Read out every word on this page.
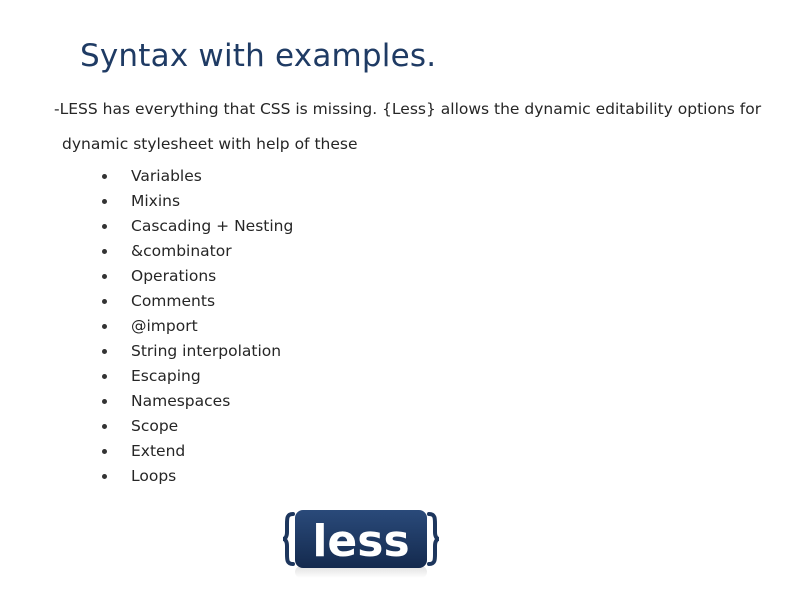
Syntax with examples.

-LESS has everything that CSS is missing. {Less} allows the dynamic editability options for
dynamic stylesheet with help of these

Variables
Mixins
Cascading + Nesting
&combinator
Operations
Comments
@import
String interpolation
Escaping
Namespaces
Scope
Extend
Loops
less
